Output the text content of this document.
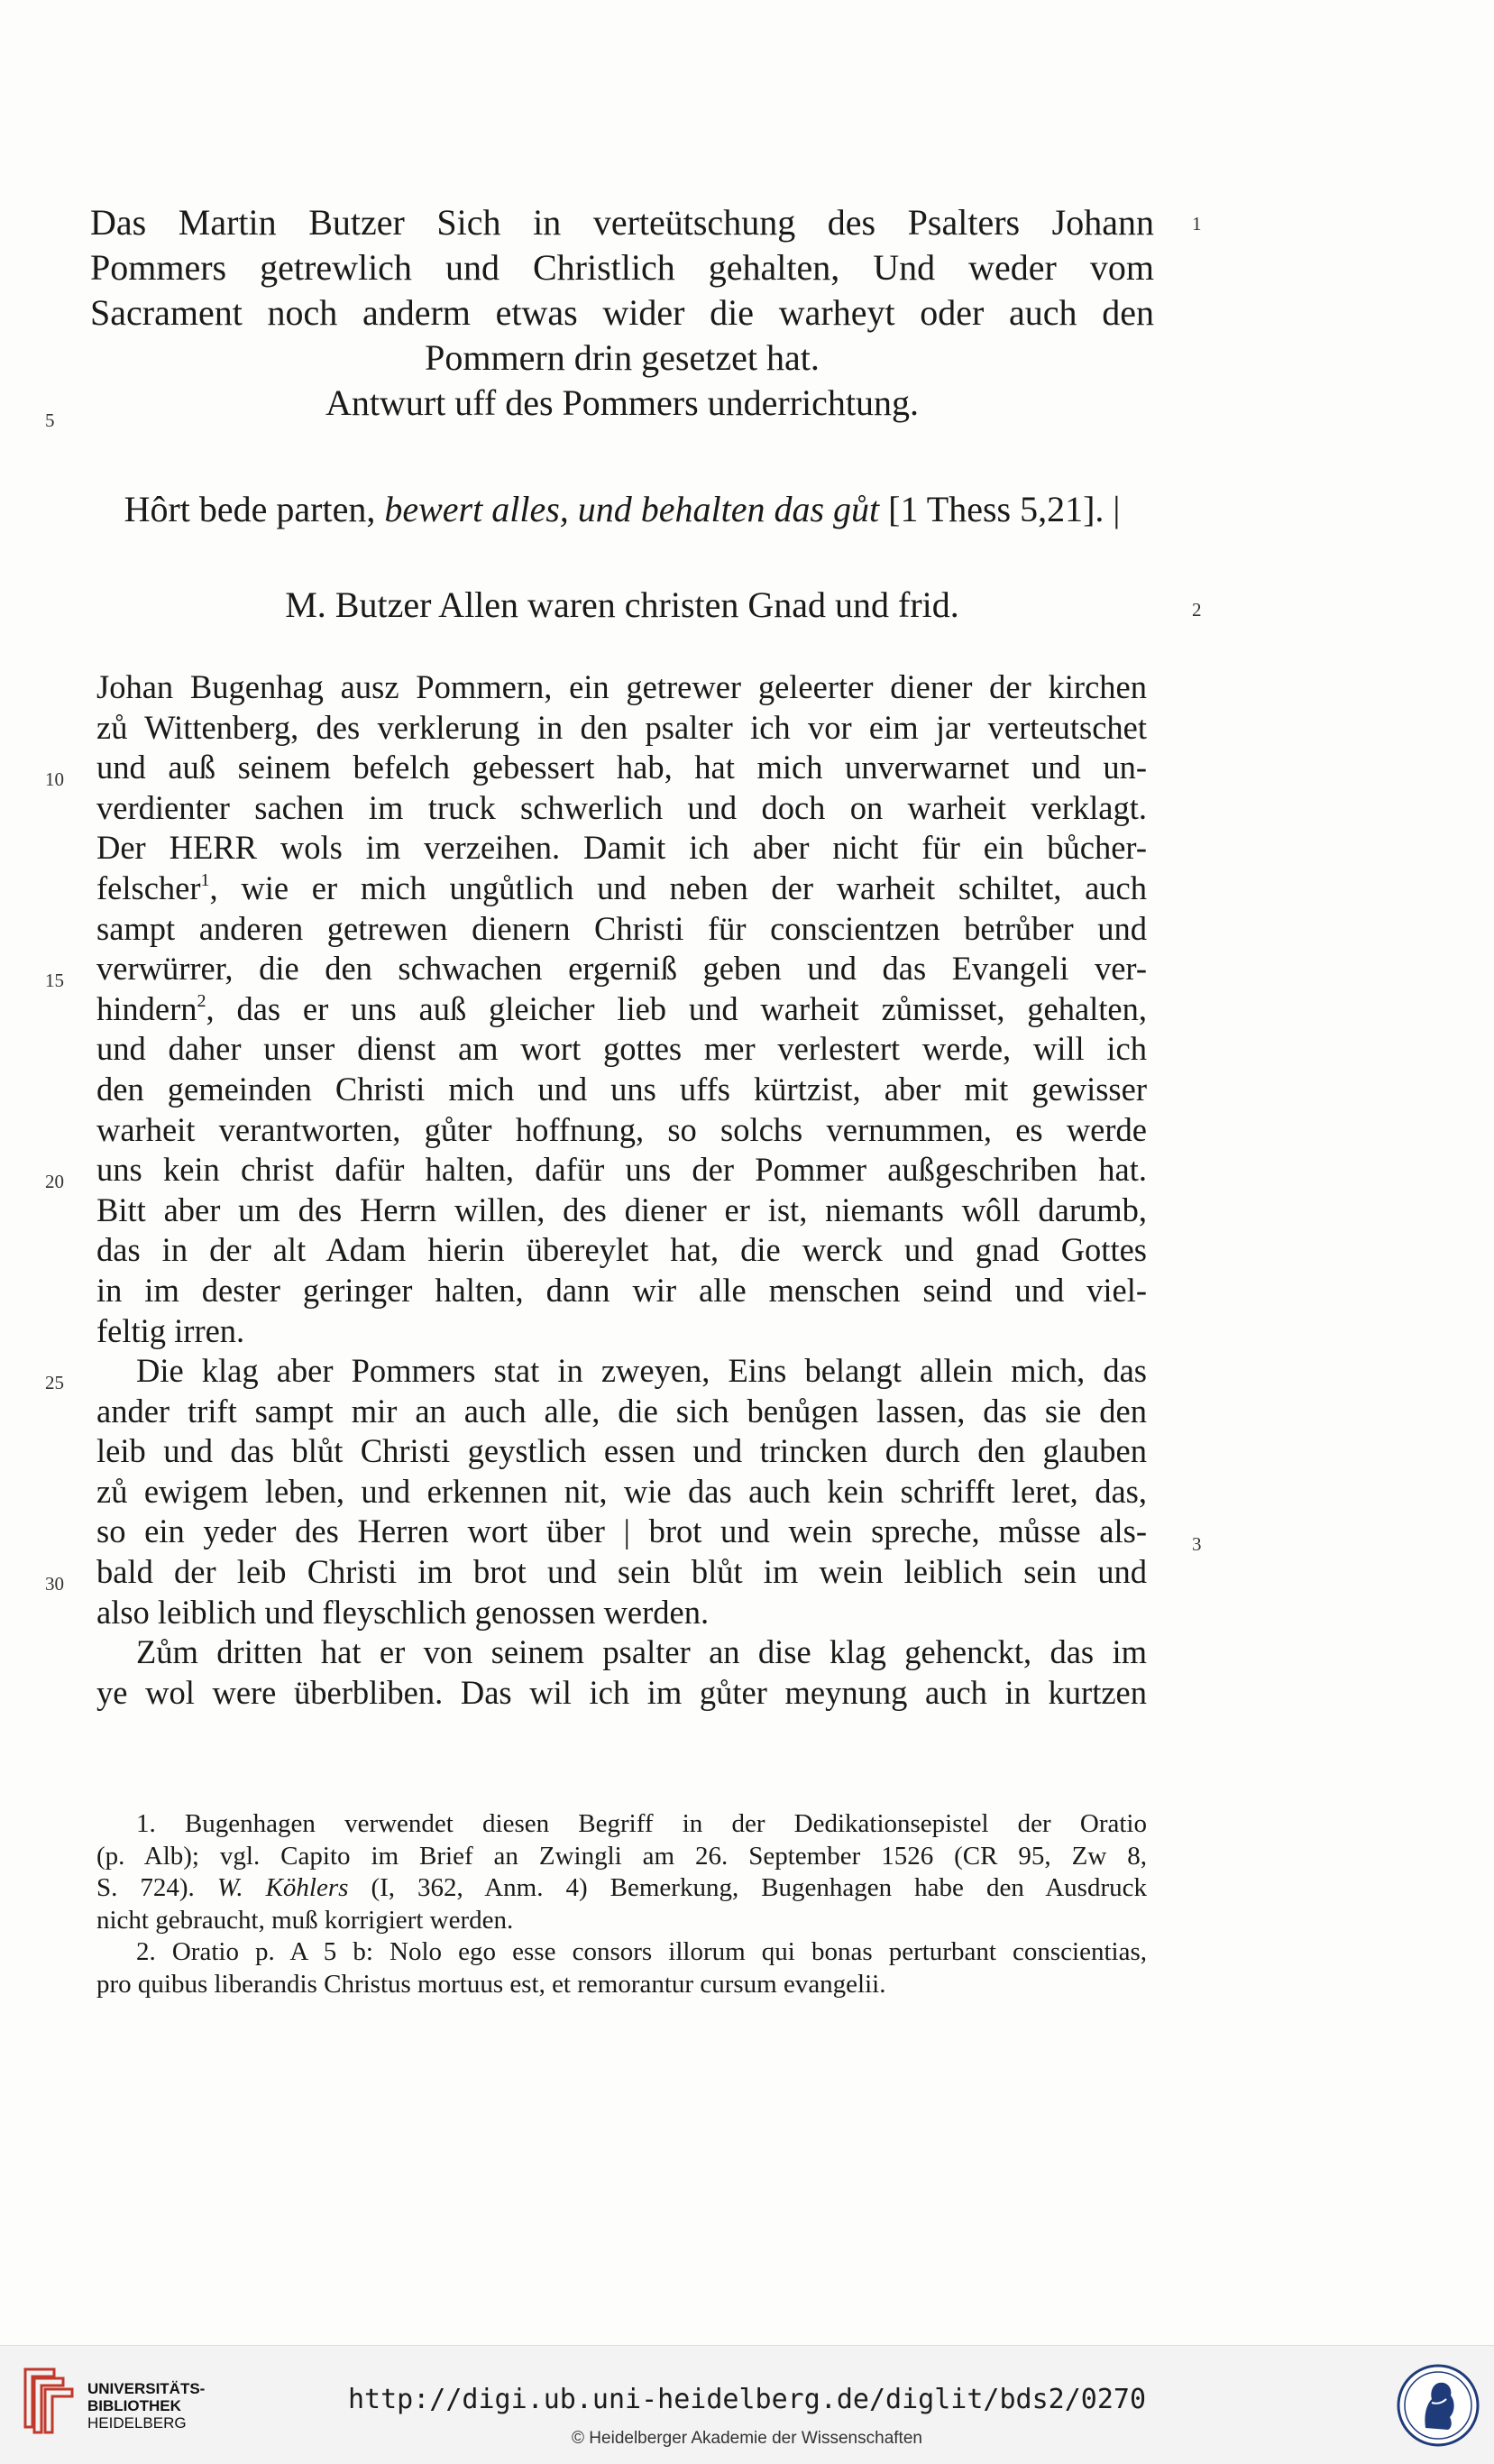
Das Martin Butzer Sich in verteütschung des Psalters Johann
Pommers getrewlich und Christlich gehalten, Und weder vom
Sacrament noch anderm etwas wider die warheyt oder auch den
Pommern drin gesetzet hat.
Antwurt uff des Pommers underrichtung.
Hôrt bede parten, bewert alles, und behalten das gůt [1 Thess 5,21]. |
M. Butzer Allen waren christen Gnad und frid.
Johan Bugenhag ausz Pommern, ein getrewer geleerter diener der kirchen
zů Wittenberg, des verklerung in den psalter ich vor eim jar verteutschet
und auß seinem befelch gebessert hab, hat mich unverwarnet und un-
verdienter sachen im truck schwerlich und doch on warheit verklagt.
Der HERR wols im verzeihen. Damit ich aber nicht für ein bůcher-
felscher$^1$, wie er mich ungůtlich und neben der warheit schiltet, auch
sampt anderen getrewen dienern Christi für conscientzen betrůber und
verwürrer, die den schwachen ergerniß geben und das Evangeli ver-
hindern$^2$, das er uns auß gleicher lieb und warheit zůmisset, gehalten,
und daher unser dienst am wort gottes mer verlestert werde, will ich
den gemeinden Christi mich und uns uffs kürtzist, aber mit gewisser
warheit verantworten, gůter hoffnung, so solchs vernummen, es werde
uns kein christ dafür halten, dafür uns der Pommer außgeschriben hat.
Bitt aber um des Herrn willen, des diener er ist, niemants wôll darumb,
das in der alt Adam hierin übereylet hat, die werck und gnad Gottes
in im dester geringer halten, dann wir alle menschen seind und viel-
feltig irren.
Die klag aber Pommers stat in zweyen, Eins belangt allein mich, das
ander trift sampt mir an auch alle, die sich benůgen lassen, das sie den
leib und das blůt Christi geystlich essen und trincken durch den glauben
zů ewigem leben, und erkennen nit, wie das auch kein schrifft leret, das,
so ein yeder des Herren wort über | brot und wein spreche, můsse als-
bald der leib Christi im brot und sein blůt im wein leiblich sein und
also leiblich und fleyschlich genossen werden.
Zům dritten hat er von seinem psalter an dise klag gehenckt, das im
ye wol were überbliben. Das wil ich im gůter meynung auch in kurtzen
5
10
15
20
25
30
1
2
3
1. Bugenhagen verwendet diesen Begriff in der Dedikationsepistel der Oratio
(p. Alb); vgl. Capito im Brief an Zwingli am 26. September 1526 (CR 95, Zw 8,
S. 724). W. Köhlers (I, 362, Anm. 4) Bemerkung, Bugenhagen habe den Ausdruck
nicht gebraucht, muß korrigiert werden.
2. Oratio p. A 5 b: Nolo ego esse consors illorum qui bonas perturbant conscientias,
pro quibus liberandis Christus mortuus est, et remorantur cursum evangelii.
UNIVERSITÄTS-
BIBLIOTHEK
HEIDELBERG
http://digi.ub.uni-heidelberg.de/diglit/bds2/0270
© Heidelberger Akademie der Wissenschaften
